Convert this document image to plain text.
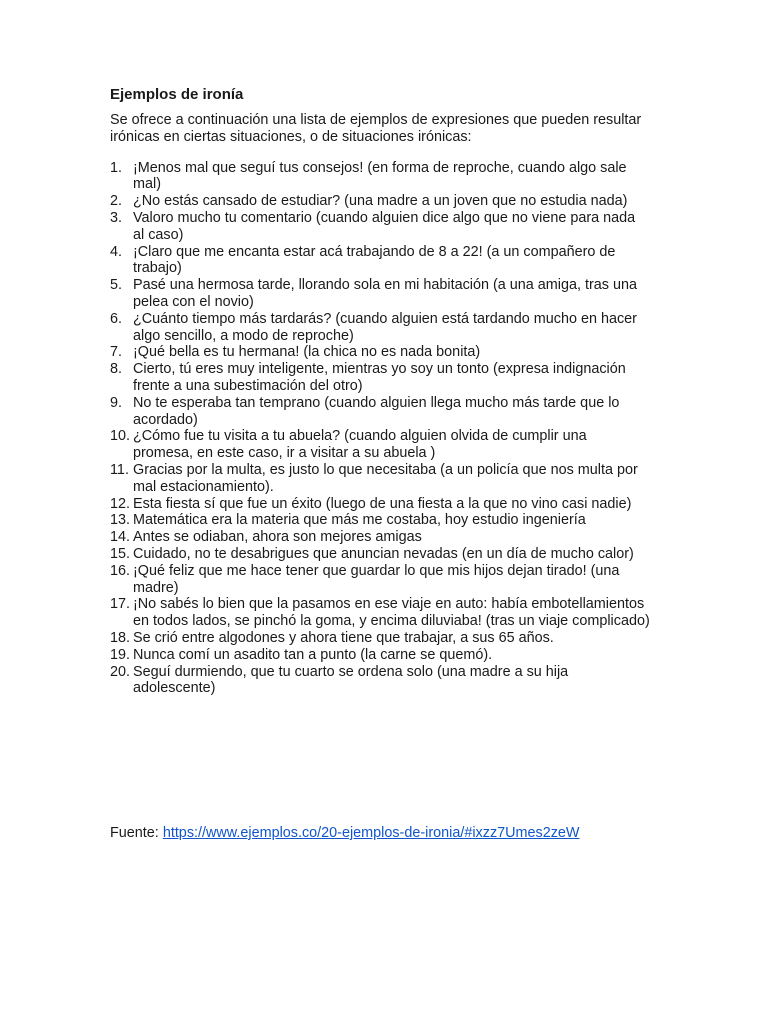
Ejemplos de ironía
Se ofrece a continuación una lista de ejemplos de expresiones que pueden resultar irónicas en ciertas situaciones, o de situaciones irónicas:
1. ¡Menos mal que seguí tus consejos! (en forma de reproche, cuando algo sale mal)
2. ¿No estás cansado de estudiar? (una madre a un joven que no estudia nada)
3. Valoro mucho tu comentario (cuando alguien dice algo que no viene para nada al caso)
4. ¡Claro que me encanta estar acá trabajando de 8 a 22! (a un compañero de trabajo)
5. Pasé una hermosa tarde, llorando sola en mi habitación (a una amiga, tras una pelea con el novio)
6. ¿Cuánto tiempo más tardarás? (cuando alguien está tardando mucho en hacer algo sencillo, a modo de reproche)
7. ¡Qué bella es tu hermana! (la chica no es nada bonita)
8. Cierto, tú eres muy inteligente, mientras yo soy un tonto (expresa indignación frente a una subestimación del otro)
9. No te esperaba tan temprano (cuando alguien llega mucho más tarde que lo acordado)
10. ¿Cómo fue tu visita a tu abuela? (cuando alguien olvida de cumplir una promesa, en este caso, ir a visitar a su abuela )
11. Gracias por la multa, es justo lo que necesitaba (a un policía que nos multa por mal estacionamiento).
12. Esta fiesta sí que fue un éxito (luego de una fiesta a la que no vino casi nadie)
13. Matemática era la materia que más me costaba, hoy estudio ingeniería
14. Antes se odiaban, ahora son mejores amigas
15. Cuidado, no te desabrigues que anuncian nevadas (en un día de mucho calor)
16. ¡Qué feliz que me hace tener que guardar lo que mis hijos dejan tirado! (una madre)
17. ¡No sabés lo bien que la pasamos en ese viaje en auto: había embotellamientos en todos lados, se pinchó la goma, y encima diluviaba! (tras un viaje complicado)
18. Se crió entre algodones y ahora tiene que trabajar, a sus 65 años.
19. Nunca comí un asadito tan a punto (la carne se quemó).
20. Seguí durmiendo, que tu cuarto se ordena solo (una madre a su hija adolescente)
Fuente: https://www.ejemplos.co/20-ejemplos-de-ironia/#ixzz7Umes2zeW
